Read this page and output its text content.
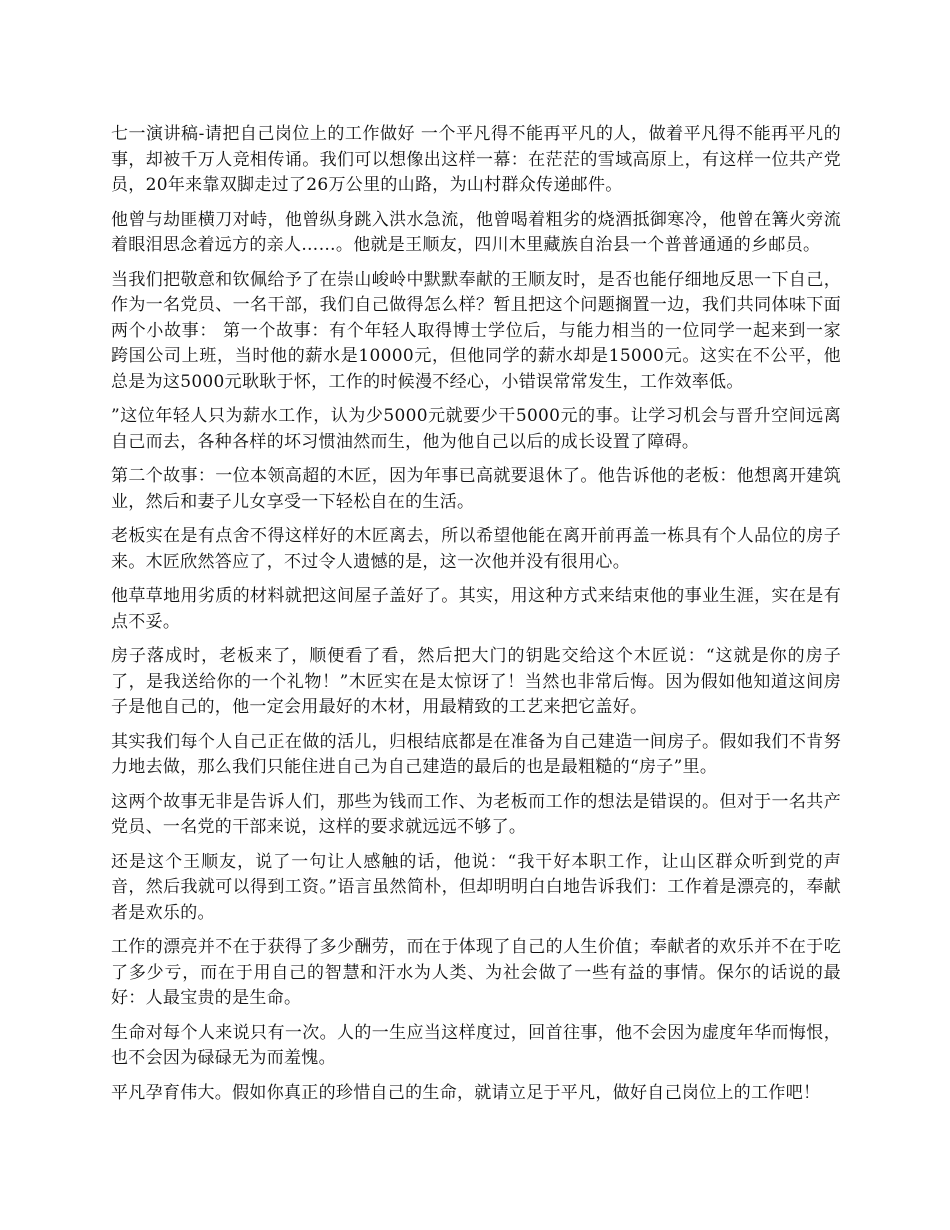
七一演讲稿-请把自己岗位上的工作做好 一个平凡得不能再平凡的人，做着平凡得不能再平凡的事，却被千万人竞相传诵。我们可以想像出这样一幕：在茫茫的雪域高原上，有这样一位共产党员，20年来靠双脚走过了26万公里的山路，为山村群众传递邮件。

他曾与劫匪横刀对峙，他曾纵身跳入洪水急流，他曾喝着粗劣的烧酒抵御寒冷，他曾在篝火旁流着眼泪思念着远方的亲人……。他就是王顺友，四川木里藏族自治县一个普普通通的乡邮员。

当我们把敬意和钦佩给予了在崇山峻岭中默默奉献的王顺友时，是否也能仔细地反思一下自己，作为一名党员、一名干部，我们自己做得怎么样？暂且把这个问题搁置一边，我们共同体味下面两个小故事： 第一个故事：有个年轻人取得博士学位后，与能力相当的一位同学一起来到一家跨国公司上班，当时他的薪水是10000元，但他同学的薪水却是15000元。这实在不公平，他总是为这5000元耿耿于怀，工作的时候漫不经心，小错误常常发生，工作效率低。

”这位年轻人只为薪水工作，认为少5000元就要少干5000元的事。让学习机会与晋升空间远离自己而去，各种各样的坏习惯油然而生，他为他自己以后的成长设置了障碍。

第二个故事：一位本领高超的木匠，因为年事已高就要退休了。他告诉他的老板：他想离开建筑业，然后和妻子儿女享受一下轻松自在的生活。

老板实在是有点舍不得这样好的木匠离去，所以希望他能在离开前再盖一栋具有个人品位的房子来。木匠欣然答应了，不过令人遗憾的是，这一次他并没有很用心。

他草草地用劣质的材料就把这间屋子盖好了。其实，用这种方式来结束他的事业生涯，实在是有点不妥。

房子落成时，老板来了，顺便看了看，然后把大门的钥匙交给这个木匠说：“这就是你的房子了，是我送给你的一个礼物！”木匠实在是太惊讶了！当然也非常后悔。因为假如他知道这间房子是他自己的，他一定会用最好的木材，用最精致的工艺来把它盖好。

其实我们每个人自己正在做的活儿，归根结底都是在准备为自己建造一间房子。假如我们不肯努力地去做，那么我们只能住进自己为自己建造的最后的也是最粗糙的“房子”里。

这两个故事无非是告诉人们，那些为钱而工作、为老板而工作的想法是错误的。但对于一名共产党员、一名党的干部来说，这样的要求就远远不够了。

还是这个王顺友，说了一句让人感触的话，他说：“我干好本职工作，让山区群众听到党的声音，然后我就可以得到工资。”语言虽然简朴，但却明明白白地告诉我们：工作着是漂亮的，奉献者是欢乐的。

工作的漂亮并不在于获得了多少酬劳，而在于体现了自己的人生价值；奉献者的欢乐并不在于吃了多少亏，而在于用自己的智慧和汗水为人类、为社会做了一些有益的事情。保尔的话说的最好：人最宝贵的是生命。

生命对每个人来说只有一次。人的一生应当这样度过，回首往事，他不会因为虚度年华而悔恨，也不会因为碌碌无为而羞愧。

平凡孕育伟大。假如你真正的珍惜自己的生命，就请立足于平凡，做好自己岗位上的工作吧！
